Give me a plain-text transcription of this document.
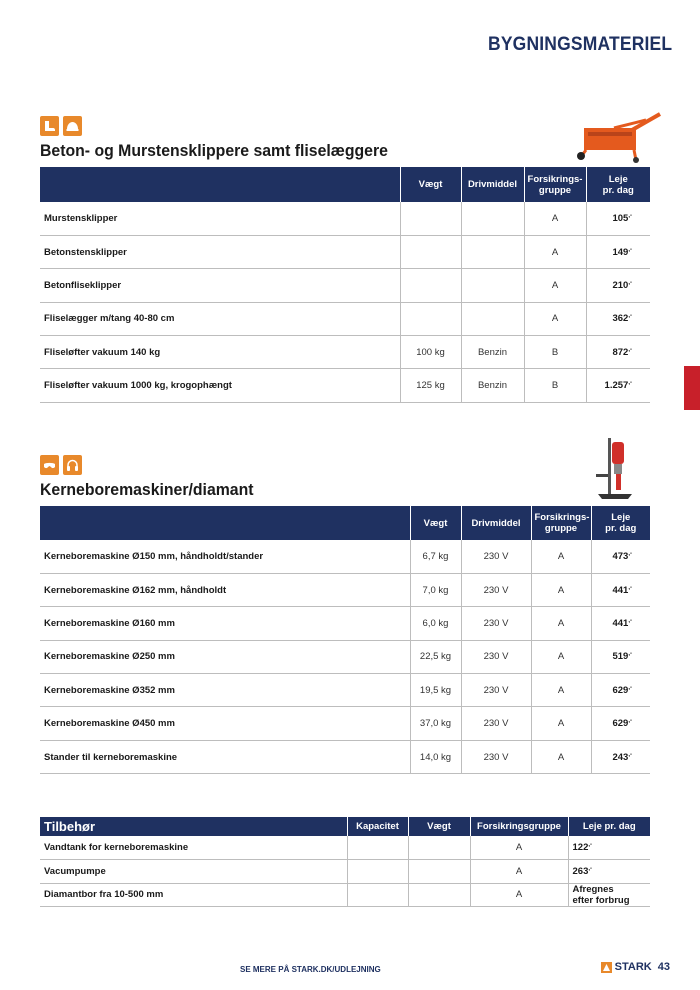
BYGNINGSMATERIEL
Beton- og Murstensklippere samt fliselæggere
	Vægt	Drivmiddel	Forsikrings-
gruppe	Leje
pr. dag
Murstensklipper			A	105,-
Betonstensklipper			A	149,-
Betonfliseklipper			A	210,-
Fliselægger m/tang 40-80 cm			A	362,-
Fliseløfter vakuum 140 kg	100 kg	Benzin	B	872,-
Fliseløfter vakuum 1000 kg, krogophængt	125 kg	Benzin	B	1.257,-
Kerneboremaskiner/diamant
	Vægt	Drivmiddel	Forsikrings-
gruppe	Leje
pr. dag
Kerneboremaskine Ø150 mm, håndholdt/stander	6,7 kg	230 V	A	473,-
Kerneboremaskine Ø162 mm, håndholdt	7,0 kg	230 V	A	441,-
Kerneboremaskine Ø160 mm	6,0 kg	230 V	A	441,-
Kerneboremaskine Ø250 mm	22,5 kg	230 V	A	519,-
Kerneboremaskine Ø352 mm	19,5 kg	230 V	A	629,-
Kerneboremaskine Ø450 mm	37,0 kg	230 V	A	629,-
Stander til kerneboremaskine	14,0 kg	230 V	A	243,-
Tilbehør	Kapacitet	Vægt	Forsikringsgruppe	Leje pr. dag
Vandtank for kerneboremaskine			A	122,-
Vacumpumpe			A	263,-
Diamantbor fra 10-500 mm			A	Afregnes efter forbrug
SE MERE PÅ STARK.DK/UDLEJNING	STARK 43
